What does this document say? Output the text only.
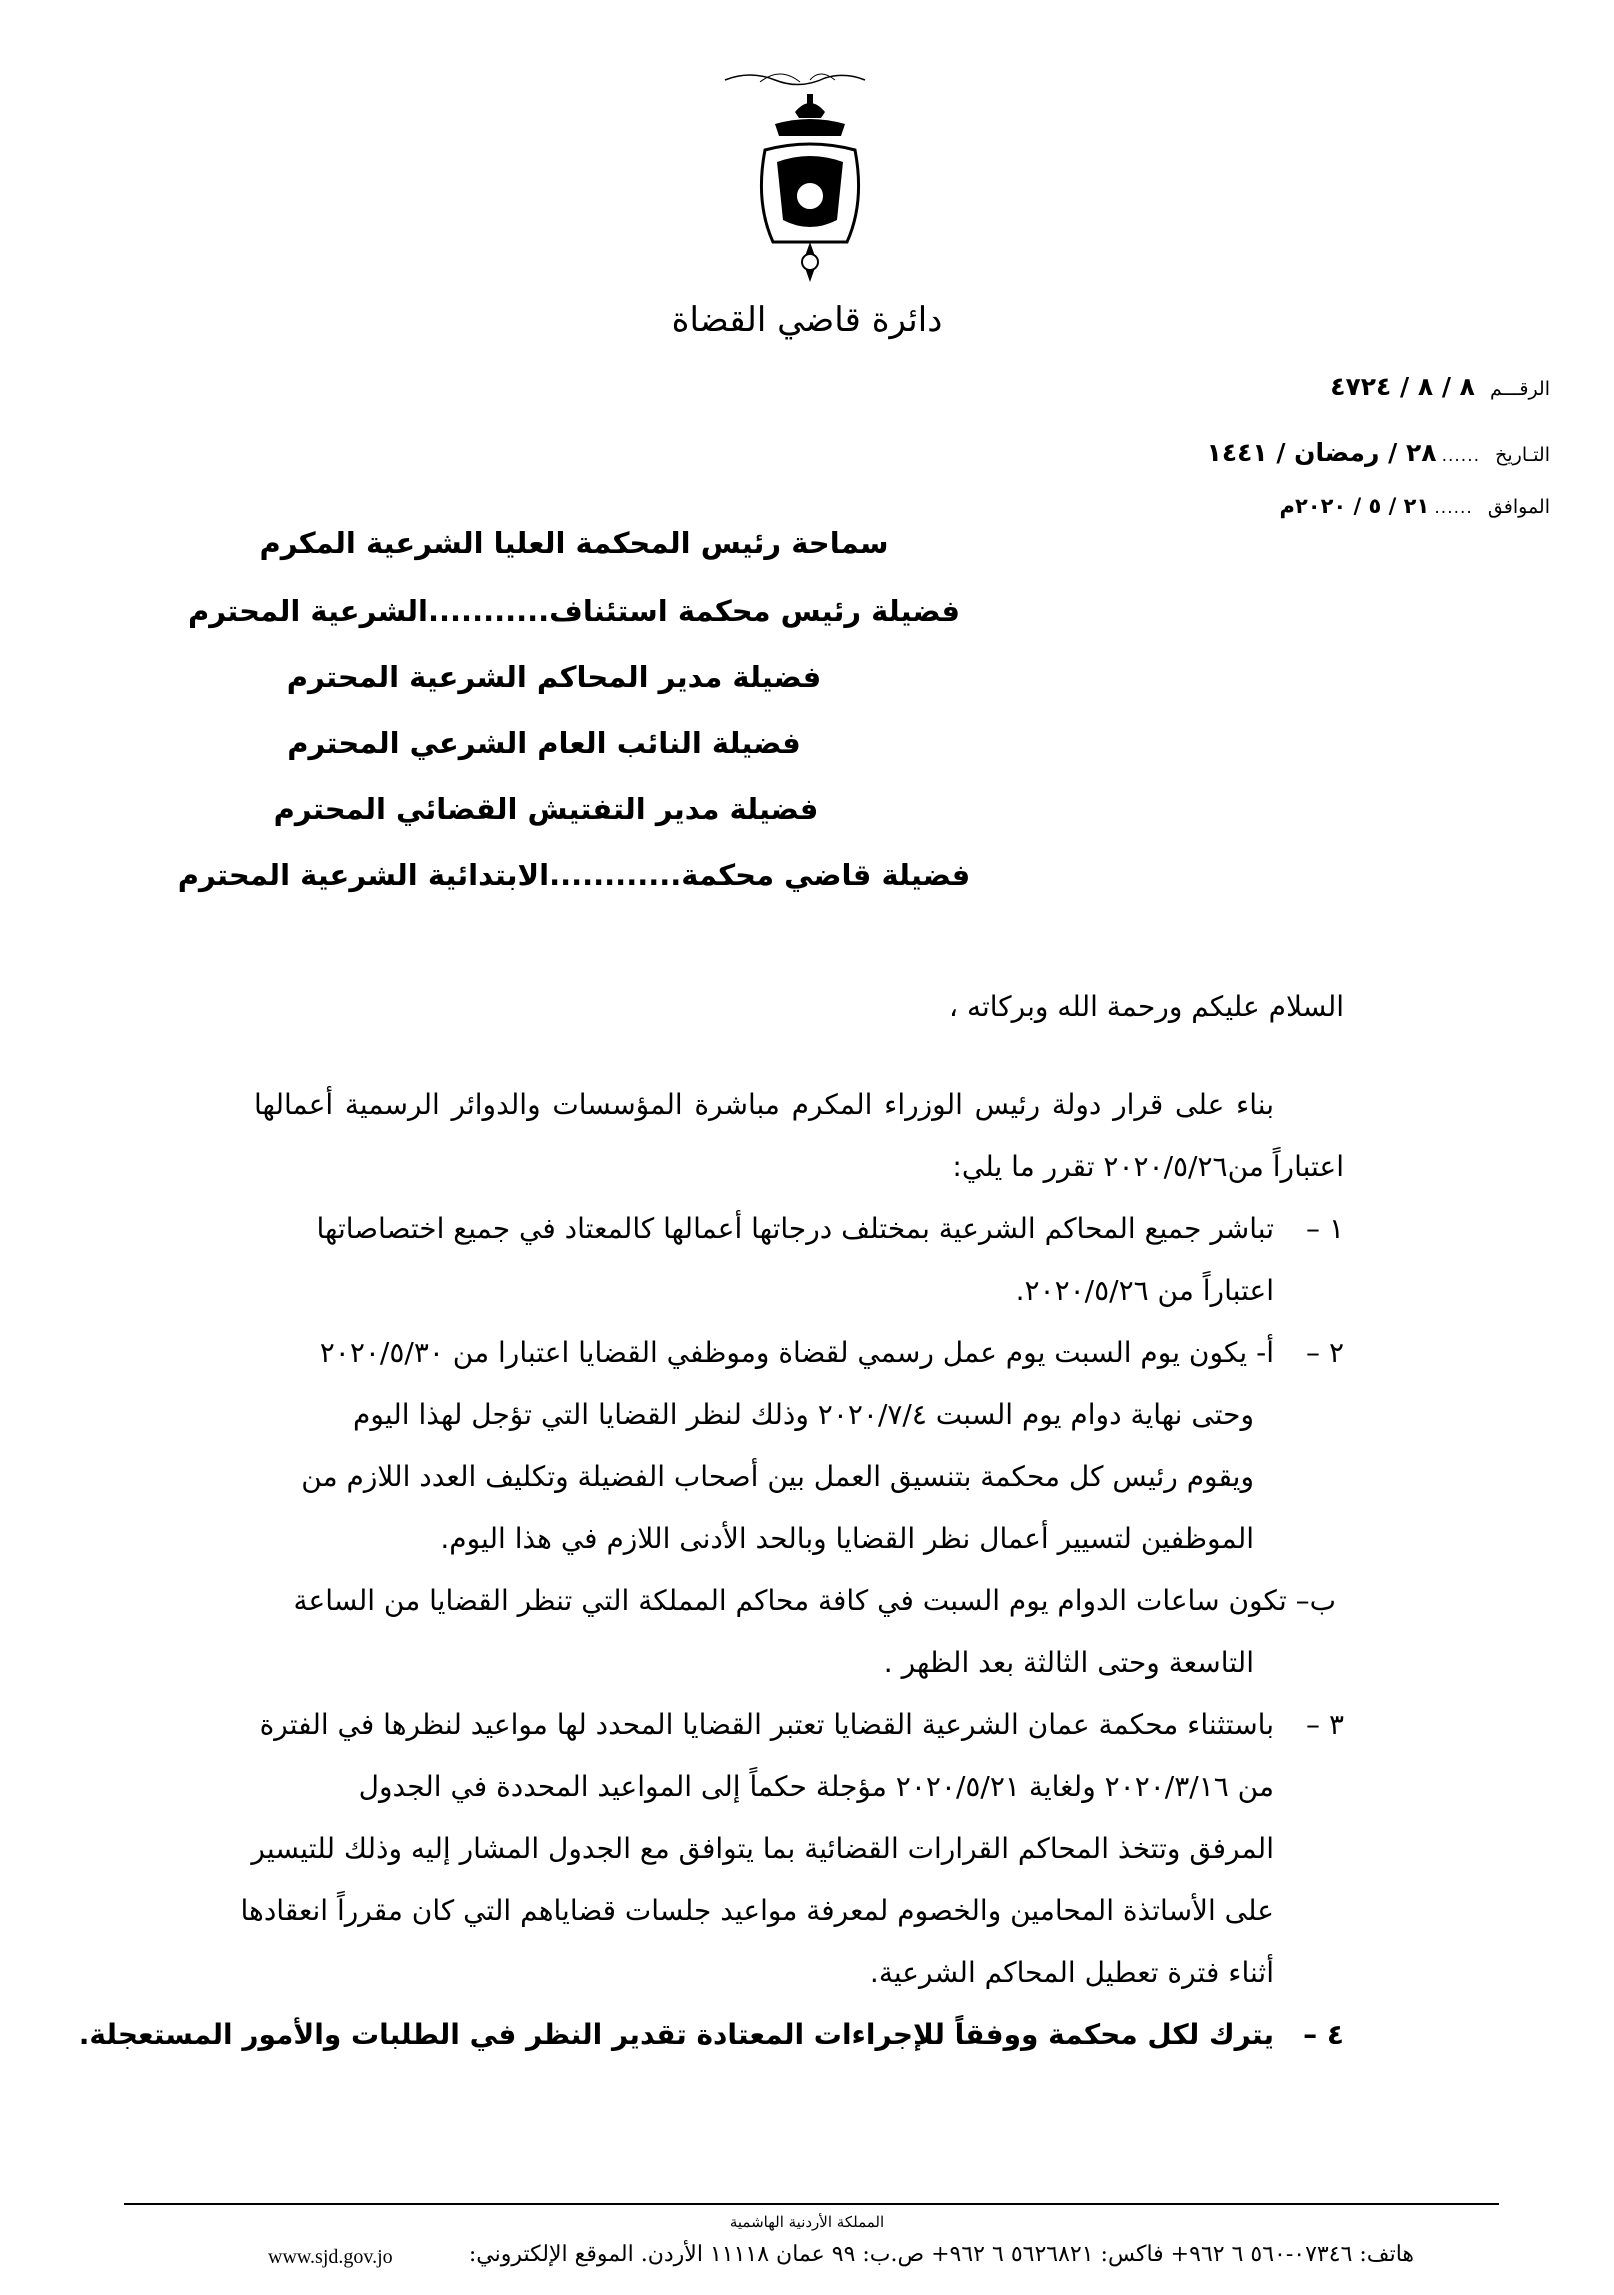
دائرة قاضي القضاة
الرقـــم ٨ / ٨ / ٤٧٢٤
التـاريخ ...... ٢٨ / رمضان / ١٤٤١
الموافق ...... ٢١ / ٥ / ٢٠٢٠م
سماحة رئيس المحكمة العليا الشرعية المكرم
فضيلة رئيس محكمة استئناف...........الشرعية المحترم
فضيلة مدير المحاكم الشرعية المحترم
فضيلة النائب العام الشرعي المحترم
فضيلة مدير التفتيش القضائي المحترم
فضيلة قاضي محكمة............الابتدائية الشرعية المحترم
السلام عليكم ورحمة الله وبركاته ،
بناء على قرار دولة رئيس الوزراء المكرم مباشرة المؤسسات والدوائر الرسمية أعمالها
اعتباراً من٢٠٢٠/٥/٢٦ تقرر ما يلي:
١ –تباشر جميع المحاكم الشرعية بمختلف درجاتها أعمالها كالمعتاد في جميع اختصاصاتها
اعتباراً من ٢٠٢٠/٥/٢٦.
٢ –أ- يكون يوم السبت يوم عمل رسمي لقضاة وموظفي القضايا اعتبارا من ٢٠٢٠/٥/٣٠
وحتى نهاية دوام يوم السبت ٢٠٢٠/٧/٤ وذلك لنظر القضايا التي تؤجل لهذا اليوم
ويقوم رئيس كل محكمة بتنسيق العمل بين أصحاب الفضيلة وتكليف العدد اللازم من
الموظفين لتسيير أعمال نظر القضايا وبالحد الأدنى اللازم في هذا اليوم.
ب– تكون ساعات الدوام يوم السبت في كافة محاكم المملكة التي تنظر القضايا من الساعة
التاسعة وحتى الثالثة بعد الظهر .
٣ –باستثناء محكمة عمان الشرعية القضايا تعتبر القضايا المحدد لها مواعيد لنظرها في الفترة
من ٢٠٢٠/٣/١٦ ولغاية ٢٠٢٠/٥/٢١ مؤجلة حكماً إلى المواعيد المحددة في الجدول
المرفق وتتخذ المحاكم القرارات القضائية بما يتوافق مع الجدول المشار إليه وذلك للتيسير
على الأساتذة المحامين والخصوم لمعرفة مواعيد جلسات قضاياهم التي كان مقرراً انعقادها
أثناء فترة تعطيل المحاكم الشرعية.
٤ –يترك لكل محكمة ووفقاً للإجراءات المعتادة تقدير النظر في الطلبات والأمور المستعجلة.
المملكة الأردنية الهاشمية
هاتف: ٠٧٣٤٦-٥٦٠ ٦ ٩٦٢+ فاكس: ٥٦٢٦٨٢١ ٦ ٩٦٢+ ص.ب: ٩٩ عمان ١١١١٨ الأردن. الموقع الإلكتروني:
www.sjd.gov.jo
